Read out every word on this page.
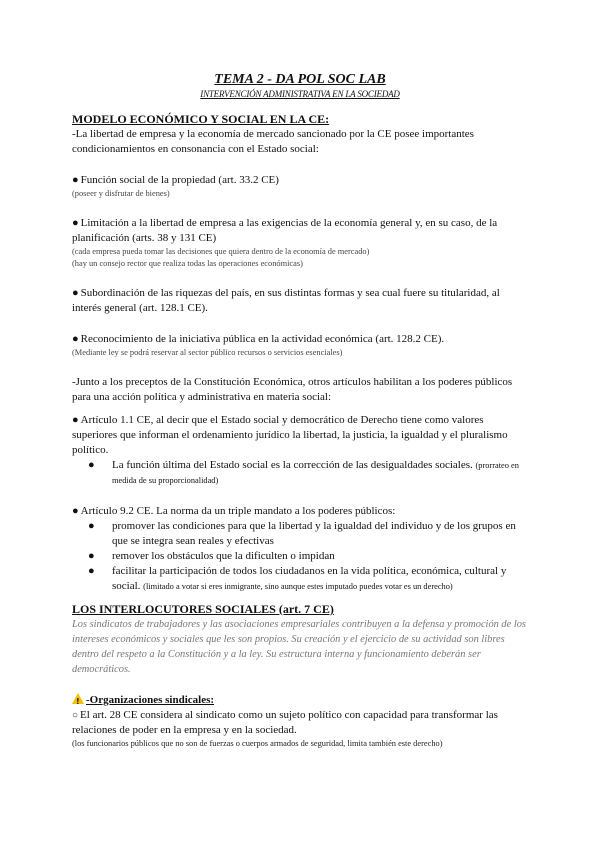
TEMA 2 - DA POL SOC LAB
INTERVENCIÓN ADMINISTRATIVA EN LA SOCIEDAD

MODELO ECONÓMICO Y SOCIAL EN LA CE:

-La libertad de empresa y la economía de mercado sancionado por la CE posee importantes condicionamientos en consonancia con el Estado social:

● Función social de la propiedad (art. 33.2 CE)

(poseer y disfrutar de bienes)

● Limitación a la libertad de empresa a las exigencias de la economía general y, en su caso, de la planificación (arts. 38 y 131 CE)

(cada empresa pueda tomar las decisiones que quiera dentro de la economía de mercado)

(hay un consejo rector que realiza todas las operaciones económicas)

● Subordinación de las riquezas del país, en sus distintas formas y sea cual fuere su titularidad, al interés general (art. 128.1 CE).

● Reconocimiento de la iniciativa pública en la actividad económica (art. 128.2 CE).

(Mediante ley se podrá reservar al sector público recursos o servicios esenciales)

-Junto a los preceptos de la Constitución Económica, otros artículos habilitan a los poderes públicos para una acción política y administrativa en materia social:

● Artículo 1.1 CE, al decir que el Estado social y democrático de Derecho tiene como valores superiores que informan el ordenamiento jurídico la libertad, la justicia, la igualdad y el pluralismo político.

● La función última del Estado social es la corrección de las desigualdades sociales. (prorrateo en medida de su proporcionalidad)

● Artículo 9.2 CE. La norma da un triple mandato a los poderes públicos:

● promover las condiciones para que la libertad y la igualdad del individuo y de los grupos en que se integra sean reales y efectivas
● remover los obstáculos que la dificulten o impidan
● facilitar la participación de todos los ciudadanos en la vida política, económica, cultural y social. (limitado a votar si eres inmigrante, sino aunque estes imputado puedes votar es un derecho)

LOS INTERLOCUTORES SOCIALES (art. 7 CE)

Los sindicatos de trabajadores y las asociaciones empresariales contribuyen a la defensa y promoción de los intereses económicos y sociales que les son propios. Su creación y el ejercicio de su actividad son libres dentro del respeto a la Constitución y a la ley. Su estructura interna y funcionamiento deberán ser democráticos.

!-Organizaciones sindicales:

○ El art. 28 CE considera al sindicato como un sujeto político con capacidad para transformar las relaciones de poder en la empresa y en la sociedad.

(los funcionarios públicos que no son de fuerzas o cuerpos armados de seguridad, limita también este derecho)
